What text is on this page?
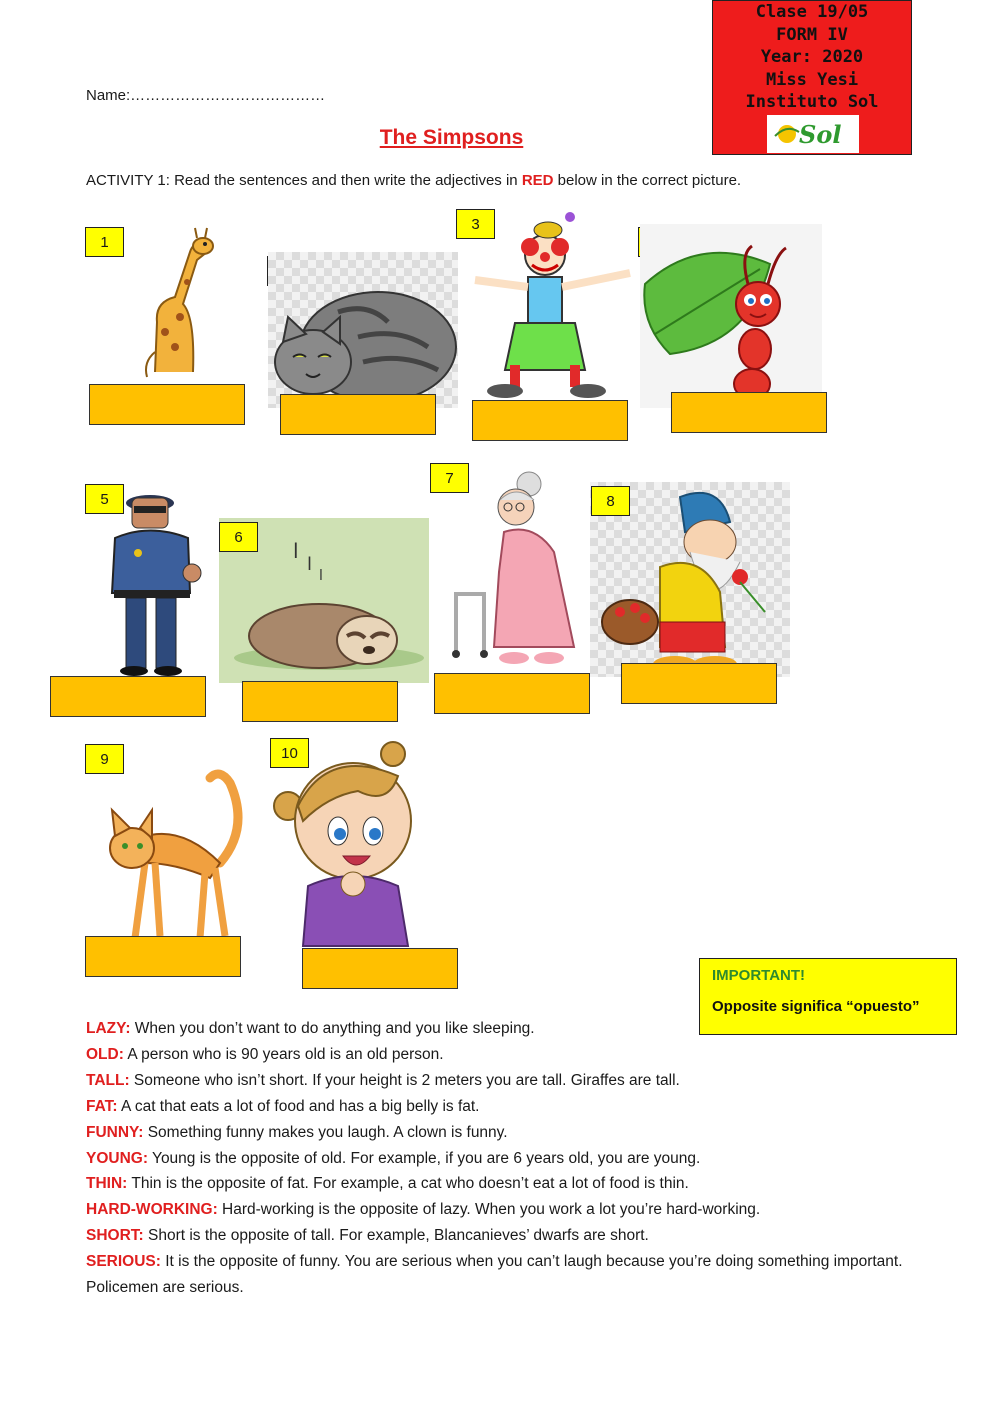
Clase 19/05
FORM IV
Year: 2020
Miss Yesi
Instituto Sol
Sol
Name:…………………………………
The Simpsons
ACTIVITY 1: Read the sentences and then write the adjectives in RED below in the correct picture.
1
3
5
l
l
l
6
7
8
9	10
IMPORTANT!
Opposite significa “opuesto”
LAZY: When you don’t want to do anything and you like sleeping.
OLD: A person who is 90 years old is an old person.
TALL: Someone who isn’t short. If your height is 2 meters you are tall. Giraffes are tall.
FAT: A cat that eats a lot of food and has a big belly is fat.
FUNNY: Something funny makes you laugh. A clown is funny.
YOUNG: Young is the opposite of old. For example, if you are 6 years old, you are young.
THIN: Thin is the opposite of fat. For example, a cat who doesn’t eat a lot of food is thin.
HARD-WORKING: Hard-working is the opposite of lazy. When you work a lot you’re hard-working.
SHORT: Short is the opposite of tall. For example, Blancanieves’ dwarfs are short.
SERIOUS: It is the opposite of funny. You are serious when you can’t laugh because you’re doing something important. Policemen are serious.
